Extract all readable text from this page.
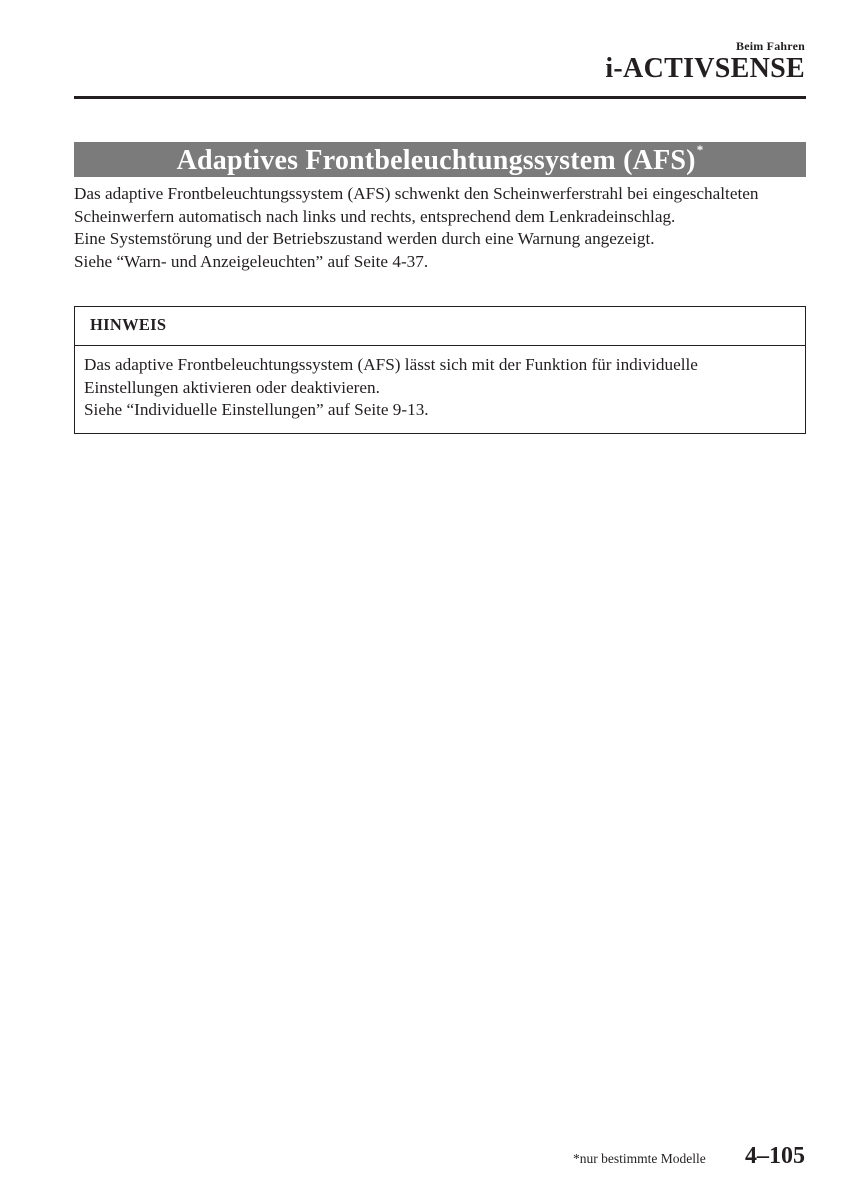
Beim Fahren
i-ACTIVSENSE
Adaptives Frontbeleuchtungssystem (AFS)*

Das adaptive Frontbeleuchtungssystem (AFS) schwenkt den Scheinwerferstrahl bei eingeschalteten Scheinwerfern automatisch nach links und rechts, entsprechend dem Lenkradeinschlag.

Eine Systemstörung und der Betriebszustand werden durch eine Warnung angezeigt.

Siehe “Warn- und Anzeigeleuchten” auf Seite 4-37.

HINWEIS

Das adaptive Frontbeleuchtungssystem (AFS) lässt sich mit der Funktion für individuelle Einstellungen aktivieren oder deaktivieren.

Siehe “Individuelle Einstellungen” auf Seite 9-13.

*nur bestimmte Modelle 4–105
